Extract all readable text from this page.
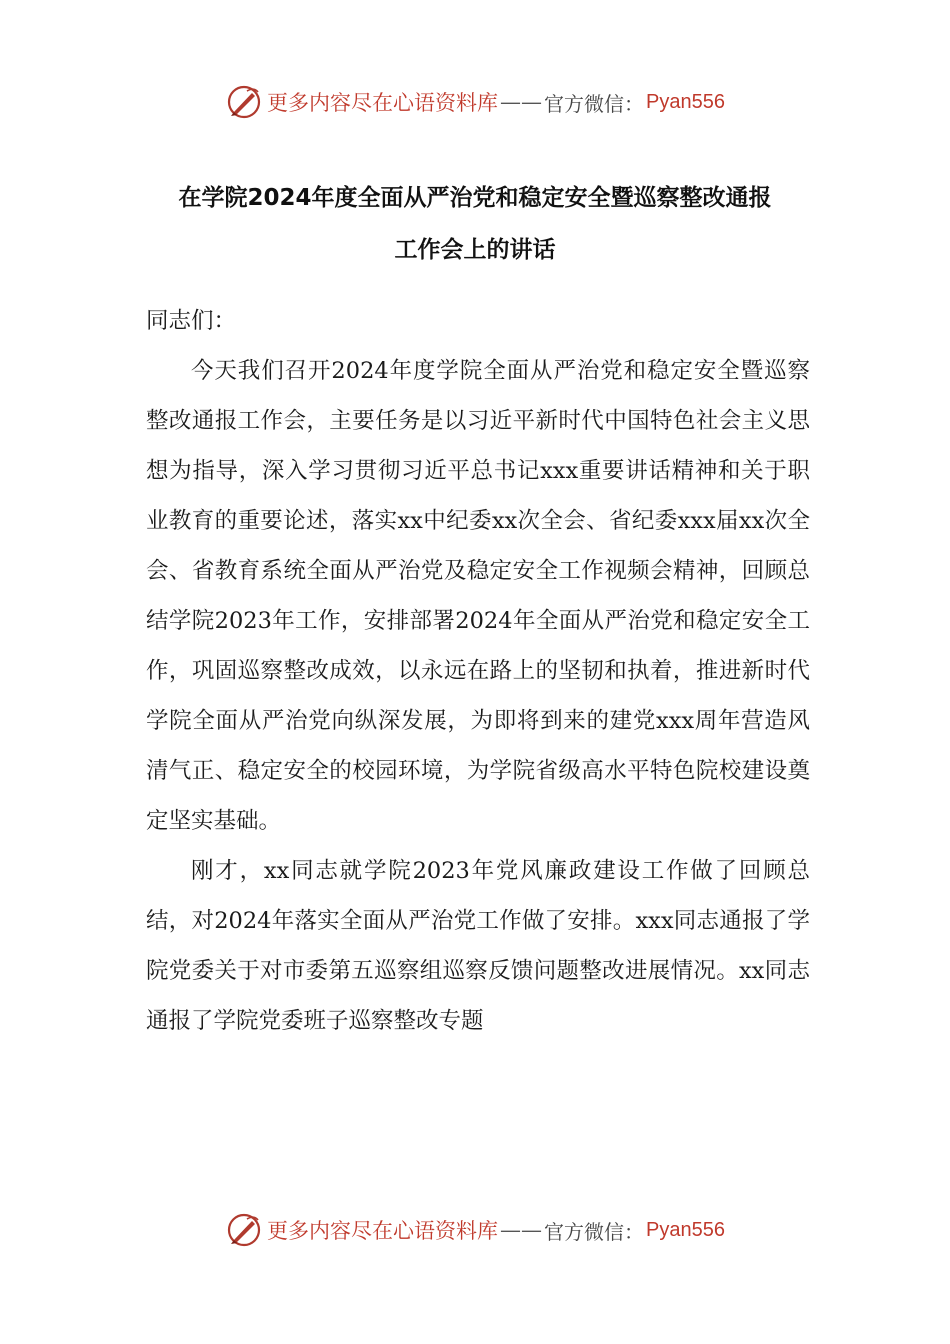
更多内容尽在心语资料库 —— 官方微信： Pyan556
在学院2024年度全面从严治党和稳定安全暨巡察整改通报
工作会上的讲话

同志们：

今天我们召开2024年度学院全面从严治党和稳定安全暨巡察整改通报工作会，主要任务是以习近平新时代中国特色社会主义思想为指导，深入学习贯彻习近平总书记xxx重要讲话精神和关于职业教育的重要论述，落实xx中纪委xx次全会、省纪委xxx届xx次全会、省教育系统全面从严治党及稳定安全工作视频会精神，回顾总结学院2023年工作，安排部署2024年全面从严治党和稳定安全工作，巩固巡察整改成效，以永远在路上的坚韧和执着，推进新时代学院全面从严治党向纵深发展，为即将到来的建党xxx周年营造风清气正、稳定安全的校园环境，为学院省级高水平特色院校建设奠定坚实基础。

刚才，xx同志就学院2023年党风廉政建设工作做了回顾总结，对2024年落实全面从严治党工作做了安排。xxx同志通报了学院党委关于对市委第五巡察组巡察反馈问题整改进展情况。xx同志通报了学院党委班子巡察整改专题

更多内容尽在心语资料库 —— 官方微信： Pyan556
